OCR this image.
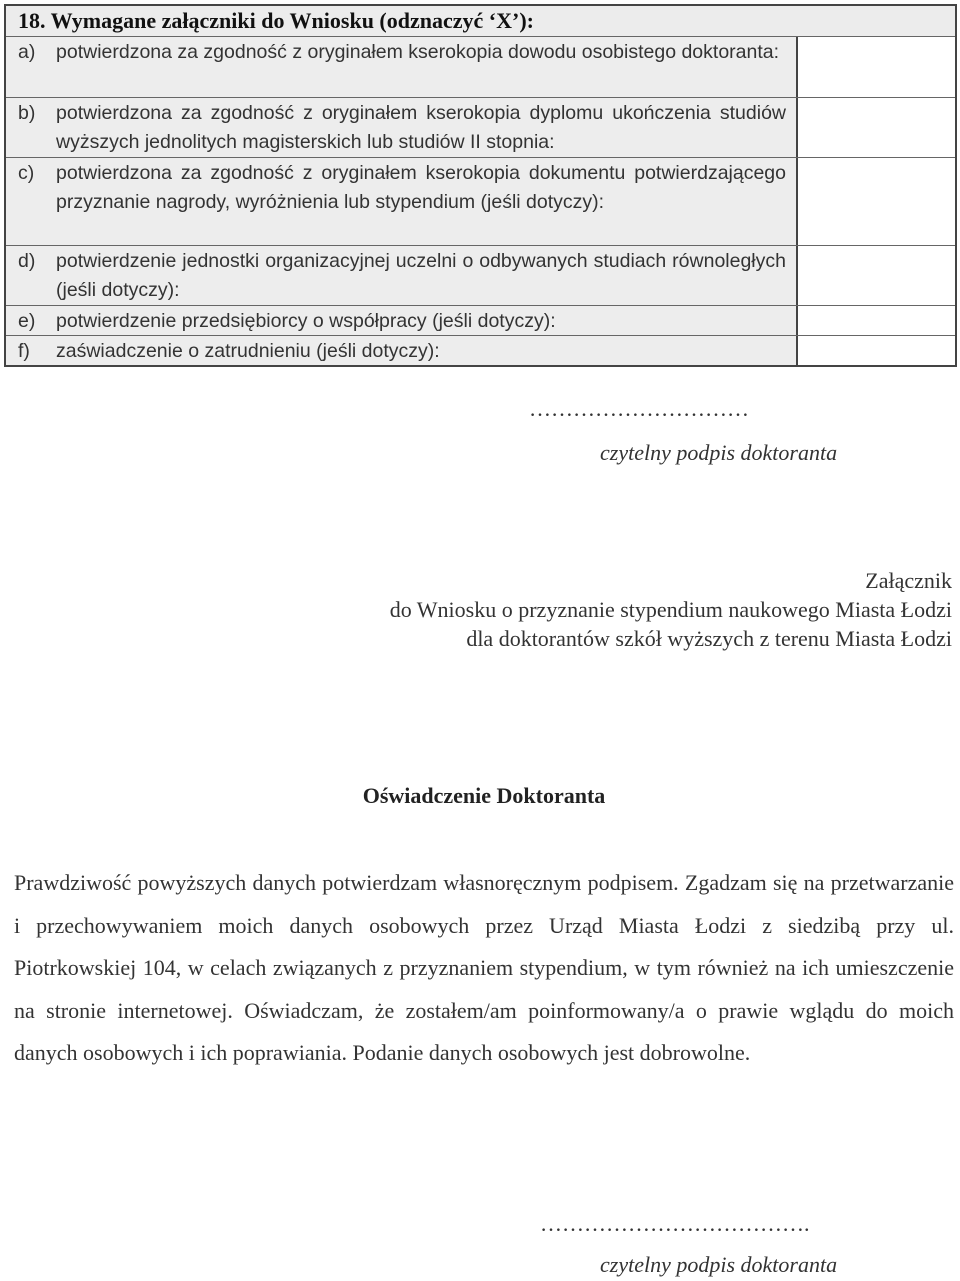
18. Wymagane załączniki do Wniosku (odznaczyć ‘X’):
a)	potwierdzona za zgodność z oryginałem kserokopia dowodu osobistego doktoranta:
b)	potwierdzona za zgodność z oryginałem kserokopia dyplomu ukończenia studiów wyższych jednolitych magisterskich lub studiów II stopnia:
c)	potwierdzona za zgodność z oryginałem kserokopia dokumentu potwierdzającego przyznanie nagrody, wyróżnienia lub stypendium (jeśli dotyczy):
d)	potwierdzenie jednostki organizacyjnej uczelni o odbywanych studiach równoległych (jeśli dotyczy):
e)	potwierdzenie przedsiębiorcy o współpracy (jeśli dotyczy):
f)	zaświadczenie o zatrudnieniu (jeśli dotyczy):
…………………………
czytelny podpis doktoranta
Załącznik
do Wniosku o przyznanie stypendium naukowego Miasta Łodzi
dla doktorantów szkół wyższych z terenu Miasta Łodzi
Oświadczenie Doktoranta
Prawdziwość powyższych danych potwierdzam własnoręcznym podpisem. Zgadzam się na przetwarzanie i przechowywaniem moich danych osobowych przez Urząd Miasta Łodzi z siedzibą przy ul. Piotrkowskiej 104, w celach związanych z przyznaniem stypendium, w tym również na ich umieszczenie na stronie internetowej. Oświadczam, że zostałem/am poinformowany/a o prawie wglądu do moich danych osobowych i ich poprawiania. Podanie danych osobowych jest dobrowolne.
……………………………….
czytelny podpis doktoranta
